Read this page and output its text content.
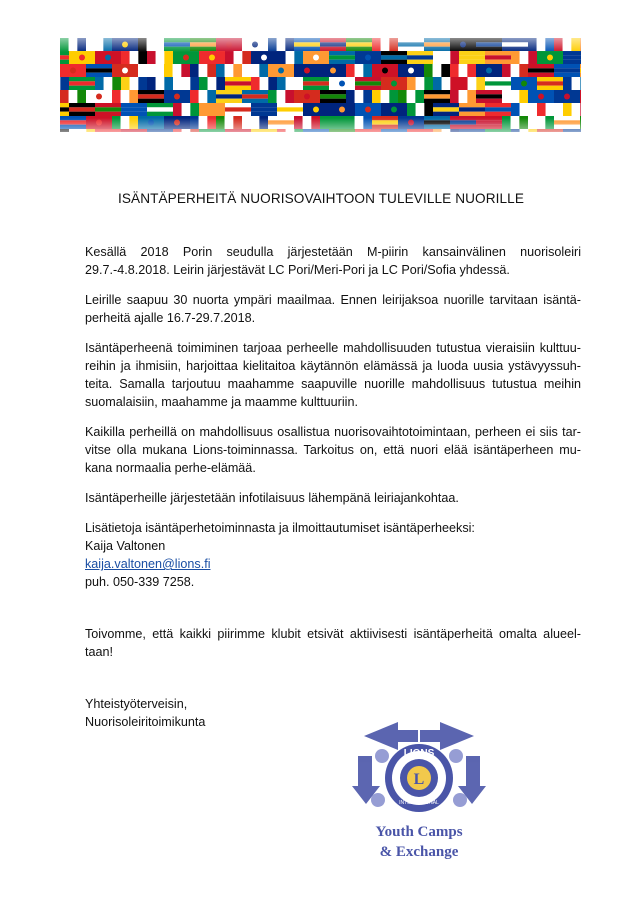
ISÄNTÄPERHEITÄ NUORISOVAIHTOON TULEVILLE NUORILLE

Kesällä 2018 Porin seudulla järjestetään M-piirin kansainvälinen nuorisoleiri 29.7.-4.8.2018. Leirin järjestävät LC Pori/Meri-Pori ja LC Pori/Sofia yhdessä.

Leirille saapuu 30 nuorta ympäri maailmaa. Ennen leirijaksoa nuorille tarvitaan isäntä-perheitä ajalle 16.7-29.7.2018.

Isäntäperheenä toimiminen tarjoaa perheelle mahdollisuuden tutustua vieraisiin kulttuu-reihin ja ihmisiin, harjoittaa kielitaitoa käytännön elämässä ja luoda uusia ystävyyssuh-teita. Samalla tarjoutuu maahamme saapuville nuorille mahdollisuus tutustua meihin suomalaisiin, maahamme ja maamme kulttuuriin.

Kaikilla perheillä on mahdollisuus osallistua nuorisovaihtotoimintaan, perheen ei siis tar-vitse olla mukana Lions-toiminnassa. Tarkoitus on, että nuori elää isäntäperheen mu-kana normaalia perhe-elämää.

Isäntäperheille järjestetään infotilaisuus lähempänä leiriajankohtaa.

Lisätietoja isäntäperhetoiminnasta ja ilmoittautumiset isäntäperheeksi:
Kaija Valtonen
kaija.valtonen@lions.fi
puh. 050-339 7258.

Toivomme, että kaikki piirimme klubit etsivät aktiivisesti isäntäperheitä omalta alueel-taan!

Yhteistyöterveisin,
Nuorisoleiritoimikunta
L
LIONS
INTERNATIONAL
Youth Camps
& Exchange
